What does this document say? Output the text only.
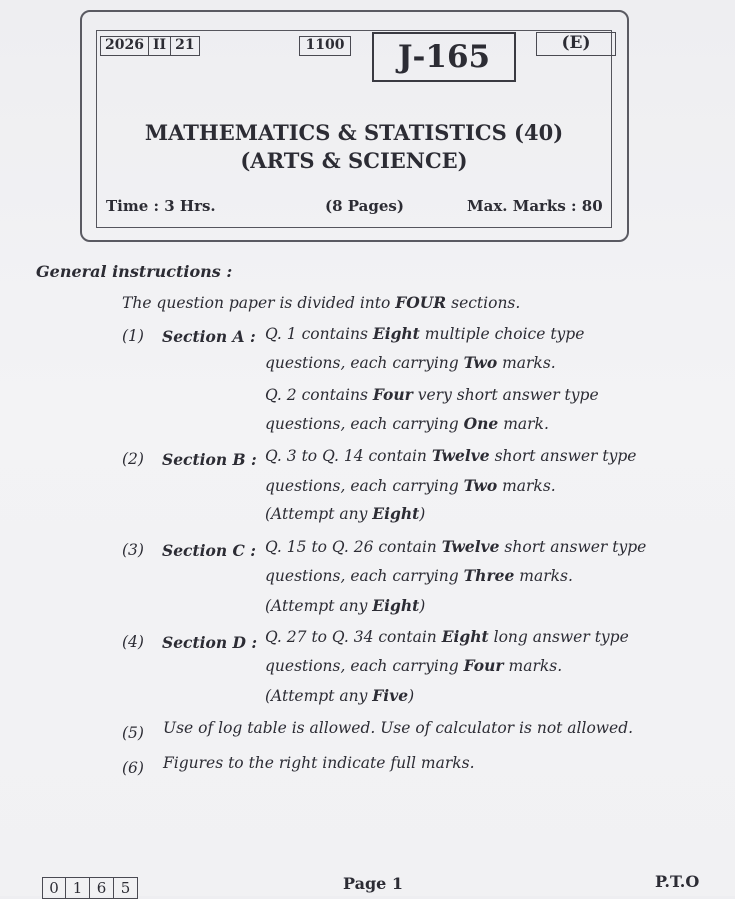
2026 II 21	1100	J-165	(E)
MATHEMATICS & STATISTICS (40)
(ARTS & SCIENCE)
Time : 3 Hrs.	(8 Pages)	Max. Marks : 80
General instructions :
The question paper is divided into FOUR sections.
(1) Section A : Q. 1 contains Eight multiple choice type
questions, each carrying Two marks.
Q. 2 contains Four very short answer type
questions, each carrying One mark.
(2) Section B : Q. 3 to Q. 14 contain Twelve short answer type
questions, each carrying Two marks.
(Attempt any Eight)
(3) Section C : Q. 15 to Q. 26 contain Twelve short answer type
questions, each carrying Three marks.
(Attempt any Eight)
(4) Section D : Q. 27 to Q. 34 contain Eight long answer type
questions, each carrying Four marks.
(Attempt any Five)
(5) Use of log table is allowed. Use of calculator is not allowed.
(6) Figures to the right indicate full marks.
0 1 6 5	Page 1	P.T.O
